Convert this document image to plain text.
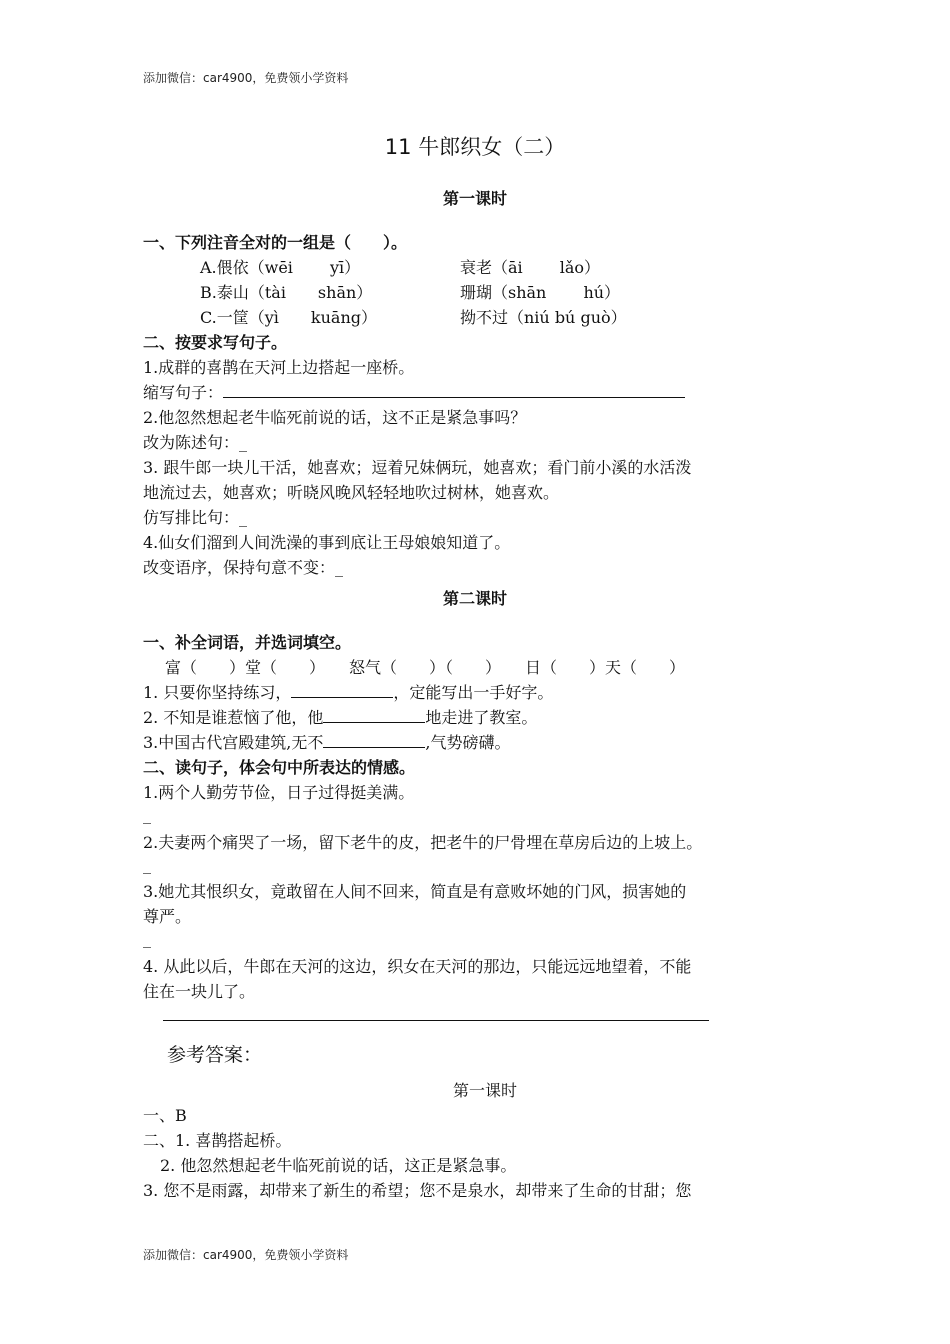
添加微信：car4900，免费领小学资料
11 牛郎织女（二）
第一课时
一、下列注音全对的一组是（　　）。
A.偎依（wēi　　 yī）	衰老（āi　　 lǎo）
B.泰山（tài　　shān）	珊瑚（shān　　 hú）
C.一筐（yì　　kuāng）	拗不过（niú bú guò）
二、按要求写句子。
1.成群的喜鹊在天河上边搭起一座桥。
缩写句子：
2.他忽然想起老牛临死前说的话，这不正是紧急事吗？
改为陈述句：_
3. 跟牛郎一块儿干活，她喜欢；逗着兄妹俩玩，她喜欢；看门前小溪的水活泼
地流过去，她喜欢；听晓风晚风轻轻地吹过树林，她喜欢。
仿写排比句：_
4.仙女们溜到人间洗澡的事到底让王母娘娘知道了。
改变语序，保持句意不变：_
第二课时
一、补全词语，并选词填空。
富（　　）堂（　　）　　怒气（　　）（　　）　　日（　　）天（　　）
1. 只要你坚持练习，	，定能写出一手好字。
2. 不知是谁惹恼了他，他	地走进了教室。
3.中国古代宫殿建筑,无不	,气势磅礴。
二、读句子，体会句中所表达的情感。
1.两个人勤劳节俭，日子过得挺美满。
_
2.夫妻两个痛哭了一场，留下老牛的皮，把老牛的尸骨埋在草房后边的上坡上。
_
3.她尤其恨织女，竟敢留在人间不回来，简直是有意败坏她的门风，损害她的
尊严。
_
4. 从此以后，牛郎在天河的这边，织女在天河的那边，只能远远地望着，不能
住在一块儿了。
参考答案：
第一课时
一、B
二、1. 喜鹊搭起桥。
2. 他忽然想起老牛临死前说的话，这正是紧急事。
3. 您不是雨露，却带来了新生的希望；您不是泉水，却带来了生命的甘甜；您
添加微信：car4900，免费领小学资料
